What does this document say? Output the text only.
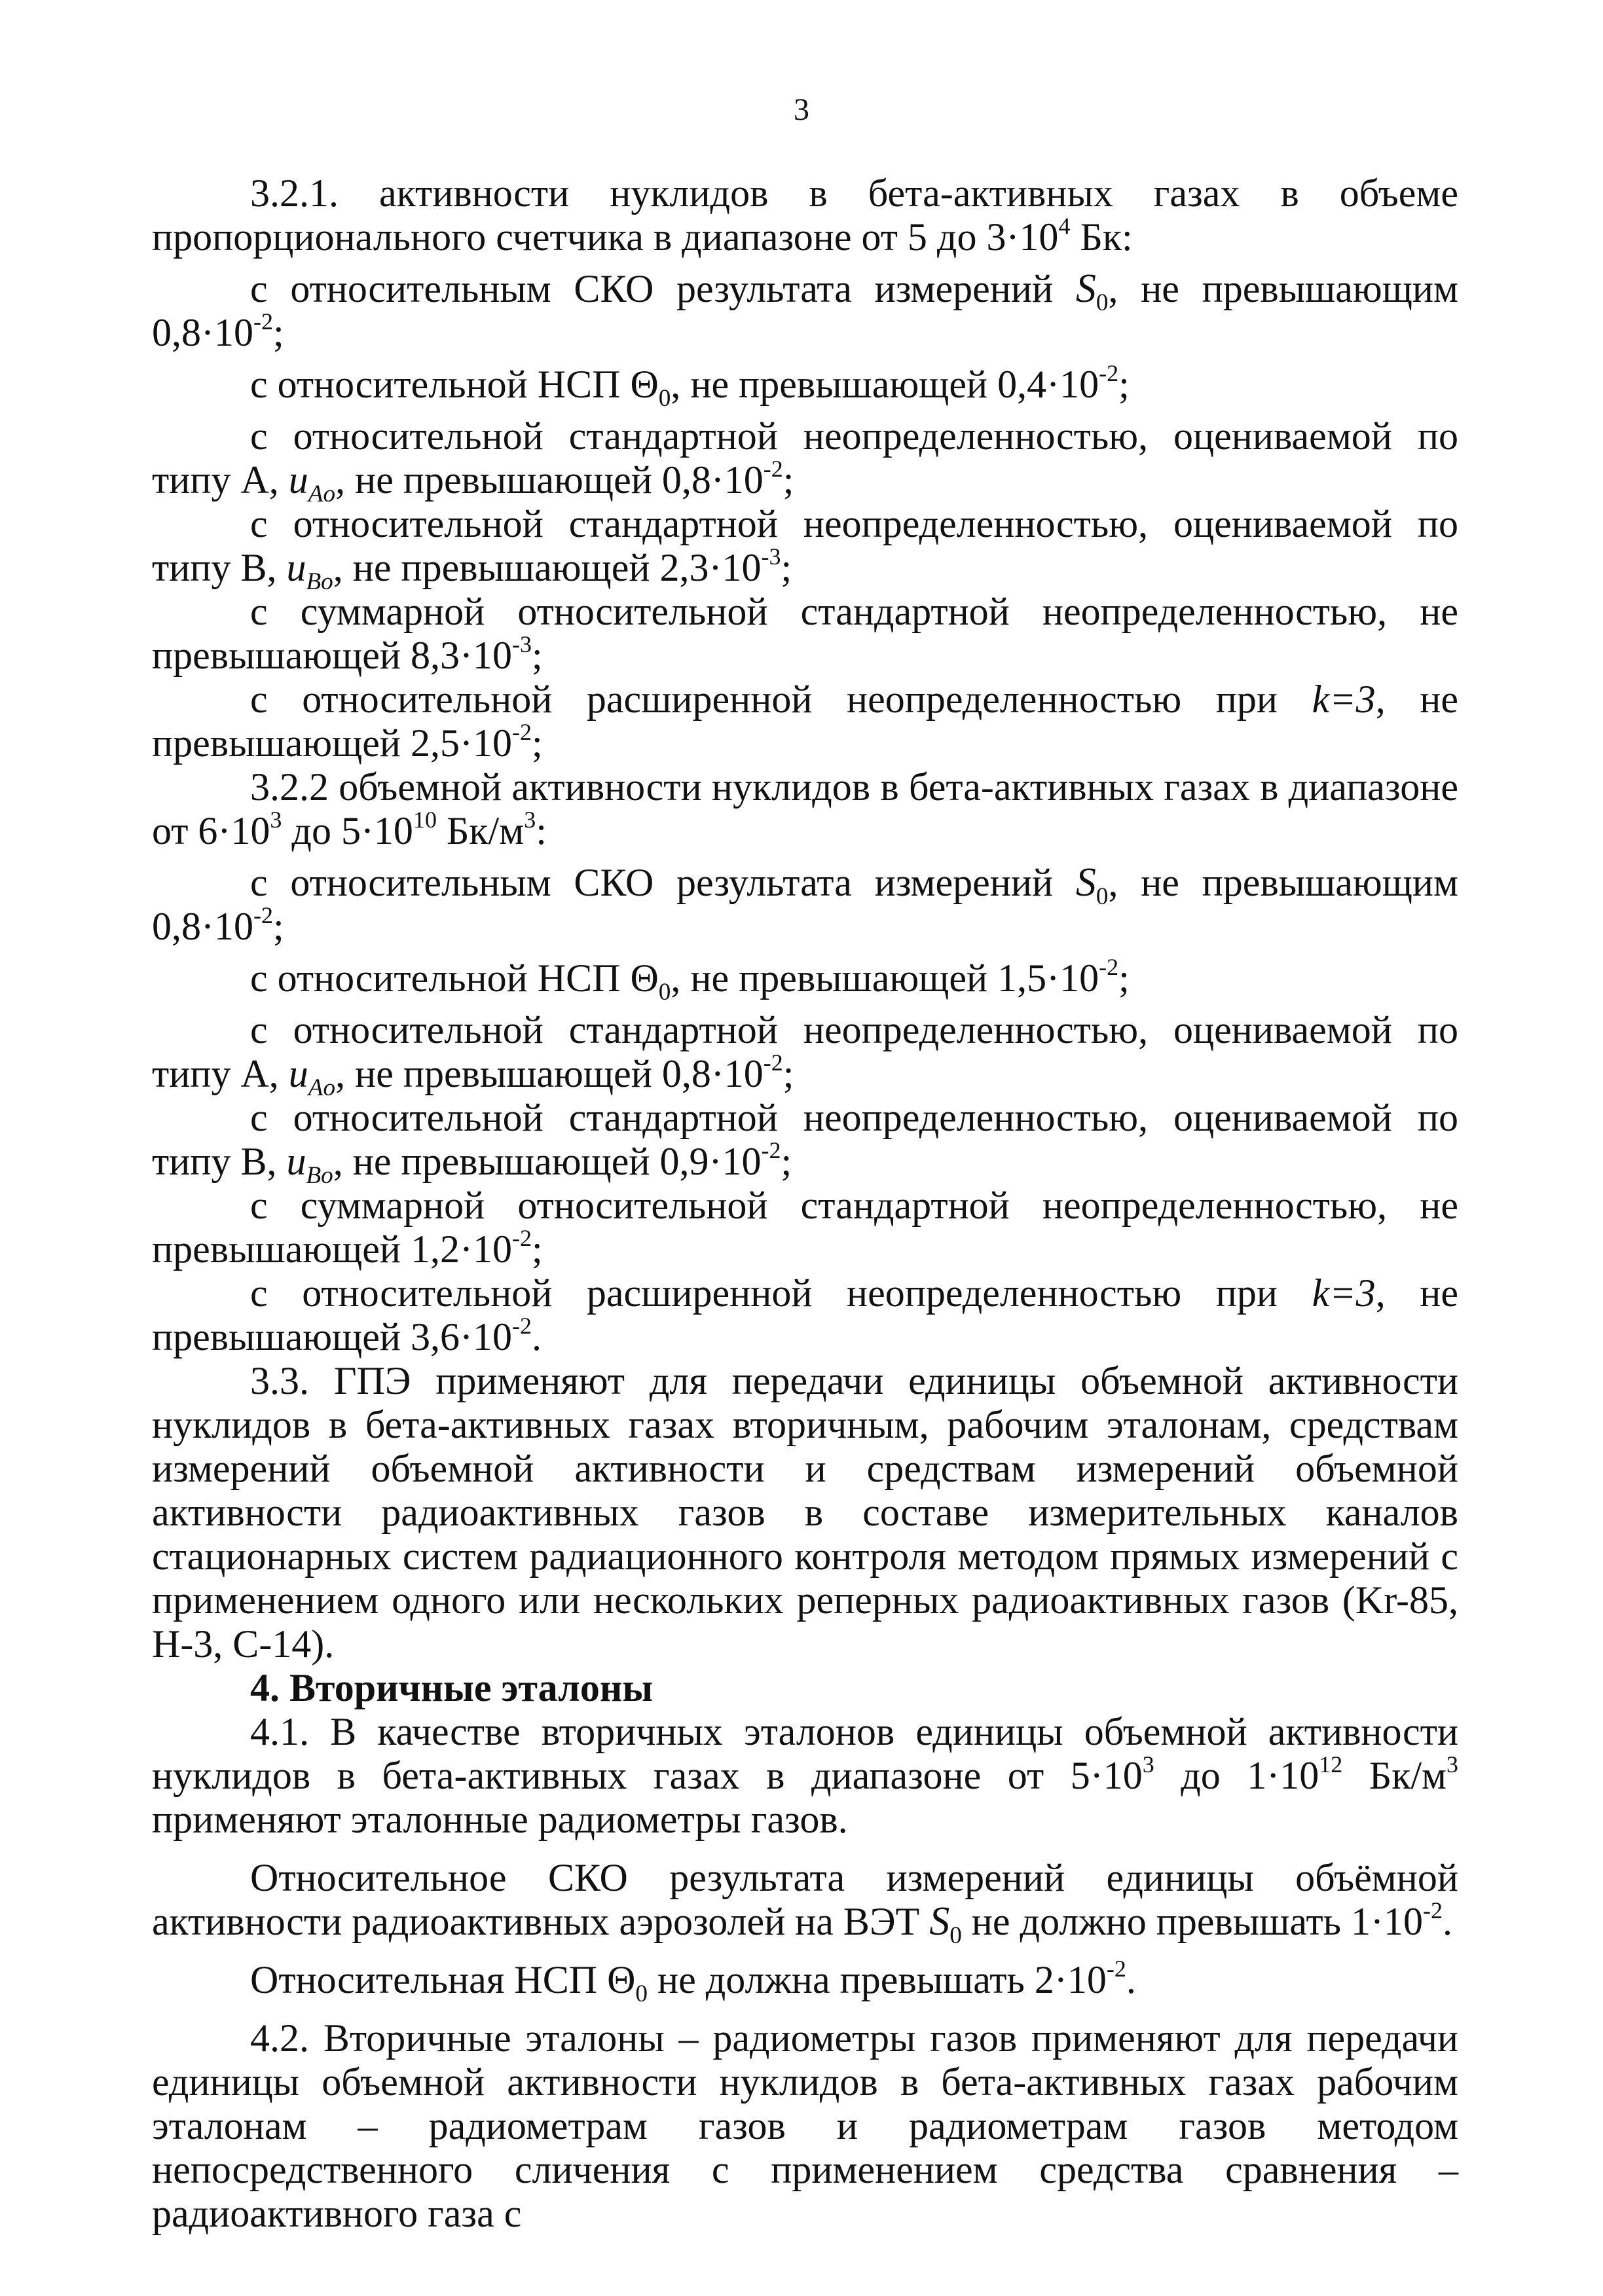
3

3.2.1. активности нуклидов в бета-активных газах в объеме пропорционального счетчика в диапазоне от 5 до $3\cdot 10^4$ Бк:

с относительным СКО результата измерений $S_0$, не превышающим $0,8\cdot 10^{-2}$;

с относительной НСП $\Theta_0$, не превышающей $0,4\cdot 10^{-2}$;

с относительной стандартной неопределенностью, оцениваемой по типу А, $u_{Ao}$, не превышающей $0,8\cdot 10^{-2}$;

с относительной стандартной неопределенностью, оцениваемой по типу В, $u_{Bo}$, не превышающей $2,3\cdot 10^{-3}$;

с суммарной относительной стандартной неопределенностью, не превышающей $8,3\cdot 10^{-3}$;

с относительной расширенной неопределенностью при k=3, не превышающей $2,5\cdot 10^{-2}$;

3.2.2 объемной активности нуклидов в бета-активных газах в диапазоне от $6\cdot 10^3$ до $5\cdot 10^{10}$ $Бк/м^3$:

с относительным СКО результата измерений $S_0$, не превышающим $0,8\cdot 10^{-2}$;

с относительной НСП $\Theta_0$, не превышающей $1,5\cdot 10^{-2}$;

с относительной стандартной неопределенностью, оцениваемой по типу А, $u_{Ao}$, не превышающей $0,8\cdot 10^{-2}$;

с относительной стандартной неопределенностью, оцениваемой по типу В, $u_{Bo}$, не превышающей $0,9\cdot 10^{-2}$;

с суммарной относительной стандартной неопределенностью, не превышающей $1,2\cdot 10^{-2}$;

с относительной расширенной неопределенностью при k=3, не превышающей $3,6\cdot 10^{-2}$.

3.3. ГПЭ применяют для передачи единицы объемной активности нуклидов в бета-активных газах вторичным, рабочим эталонам, средствам измерений объемной активности и средствам измерений объемной активности радиоактивных газов в составе измерительных каналов стационарных систем радиационного контроля методом прямых измерений с применением одного или нескольких реперных радиоактивных газов (Kr-85, Н-3, С-14).

4. Вторичные эталоны

4.1. В качестве вторичных эталонов единицы объемной активности нуклидов в бета-активных газах в диапазоне от $5\cdot 10^3$ до $1\cdot 10^{12}$ $Бк/м^3$ применяют эталонные радиометры газов.

Относительное СКО результата измерений единицы объёмной активности радиоактивных аэрозолей на ВЭТ $S_0$ не должно превышать $1\cdot 10^{-2}$.

Относительная НСП $\Theta_0$ не должна превышать $2\cdot 10^{-2}$.

4.2. Вторичные эталоны – радиометры газов применяют для передачи единицы объемной активности нуклидов в бета-активных газах рабочим эталонам – радиометрам газов и радиометрам газов методом непосредственного сличения с применением средства сравнения – радиоактивного газа с
